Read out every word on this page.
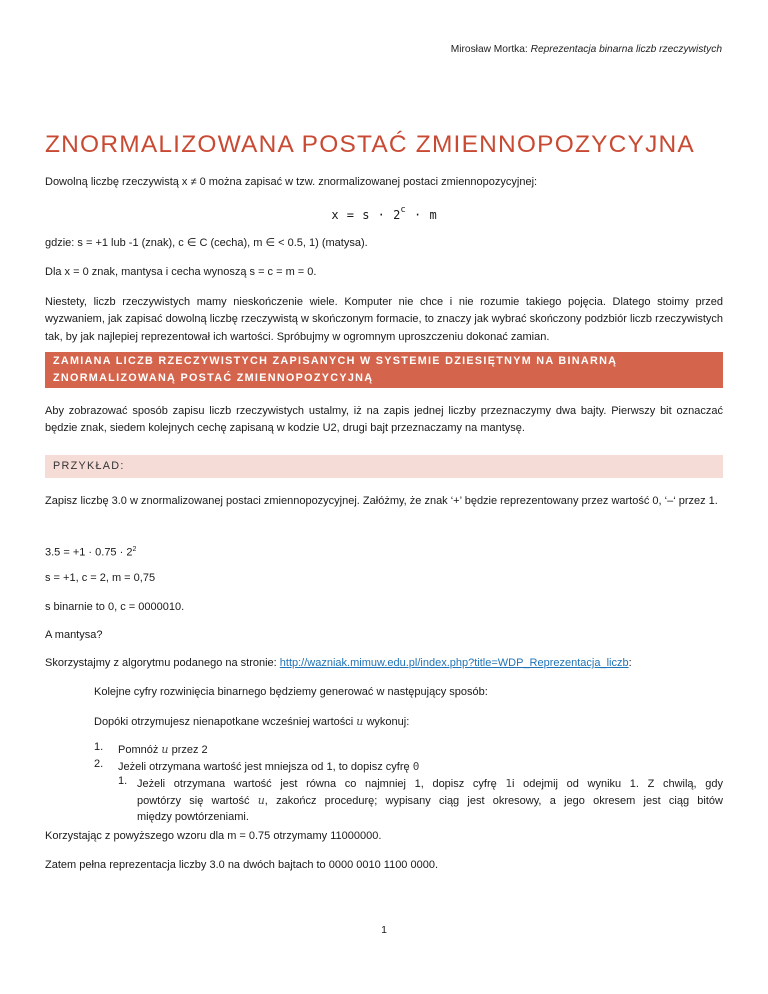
Mirosław Mortka: Reprezentacja binarna liczb rzeczywistych
ZNORMALIZOWANA POSTAĆ ZMIENNOPOZYCYJNA

Dowolną liczbę rzeczywistą x ≠ 0 można zapisać w tzw. znormalizowanej postaci zmiennopozycyjnej:

$x = s \cdot 2^c \cdot m$

gdzie: s = +1 lub -1 (znak), c ∈ C (cecha), m ∈ < 0.5, 1) (matysa).

Dla x = 0 znak, mantysa i cecha wynoszą s = c = m = 0.

Niestety, liczb rzeczywistych mamy nieskończenie wiele. Komputer nie chce i nie rozumie takiego pojęcia. Dlatego stoimy przed wyzwaniem, jak zapisać dowolną liczbę rzeczywistą w skończonym formacie, to znaczy jak wybrać skończony podzbiór liczb rzeczywistych tak, by jak najlepiej reprezentował ich wartości. Spróbujmy w ogromnym uproszczeniu dokonać zamian.

ZAMIANA LICZB RZECZYWISTYCH ZAPISANYCH W SYSTEMIE DZIESIĘTNYM NA BINARNĄ
ZNORMALIZOWANĄ POSTAĆ ZMIENNOPOZYCYJNĄ

Aby zobrazować sposób zapisu liczb rzeczywistych ustalmy, iż na zapis jednej liczby przeznaczymy dwa bajty. Pierwszy bit oznaczać będzie znak, siedem kolejnych cechę zapisaną w kodzie U2, drugi bajt przeznaczamy na mantysę.

PRZYKŁAD:

Zapisz liczbę 3.0 w znormalizowanej postaci zmiennopozycyjnej. Załóżmy, że znak ‘+’ będzie reprezentowany przez wartość 0, ‘–‘ przez 1.

$3.5 = +1 \cdot 0.75 \cdot 2^2$

s = +1, c = 2, m = 0,75

s binarnie to 0, c = 0000010.

A mantysa?

Skorzystajmy z algorytmu podanego na stronie: http://wazniak.mimuw.edu.pl/index.php?title=WDP_Reprezentacja_liczb:

Kolejne cyfry rozwinięcia binarnego będziemy generować w następujący sposób:

Dopóki otrzymujesz nienapotkane wcześniej wartości u wykonuj:

1. Pomnóż u przez 2

2. Jeżeli otrzymana wartość jest mniejsza od 1, to dopisz cyfrę 0

1. Jeżeli otrzymana wartość jest równa co najmniej 1, dopisz cyfrę 1i odejmij od wyniku 1. Z chwilą, gdy

powtórzy się wartość u, zakończ procedurę; wypisany ciąg jest okresowy, a jego okresem jest ciąg bitów

między powtórzeniami.

Korzystając z powyższego wzoru dla m = 0.75 otrzymamy 11000000.

Zatem pełna reprezentacja liczby 3.0 na dwóch bajtach to 0000 0010 1100 0000.

1
